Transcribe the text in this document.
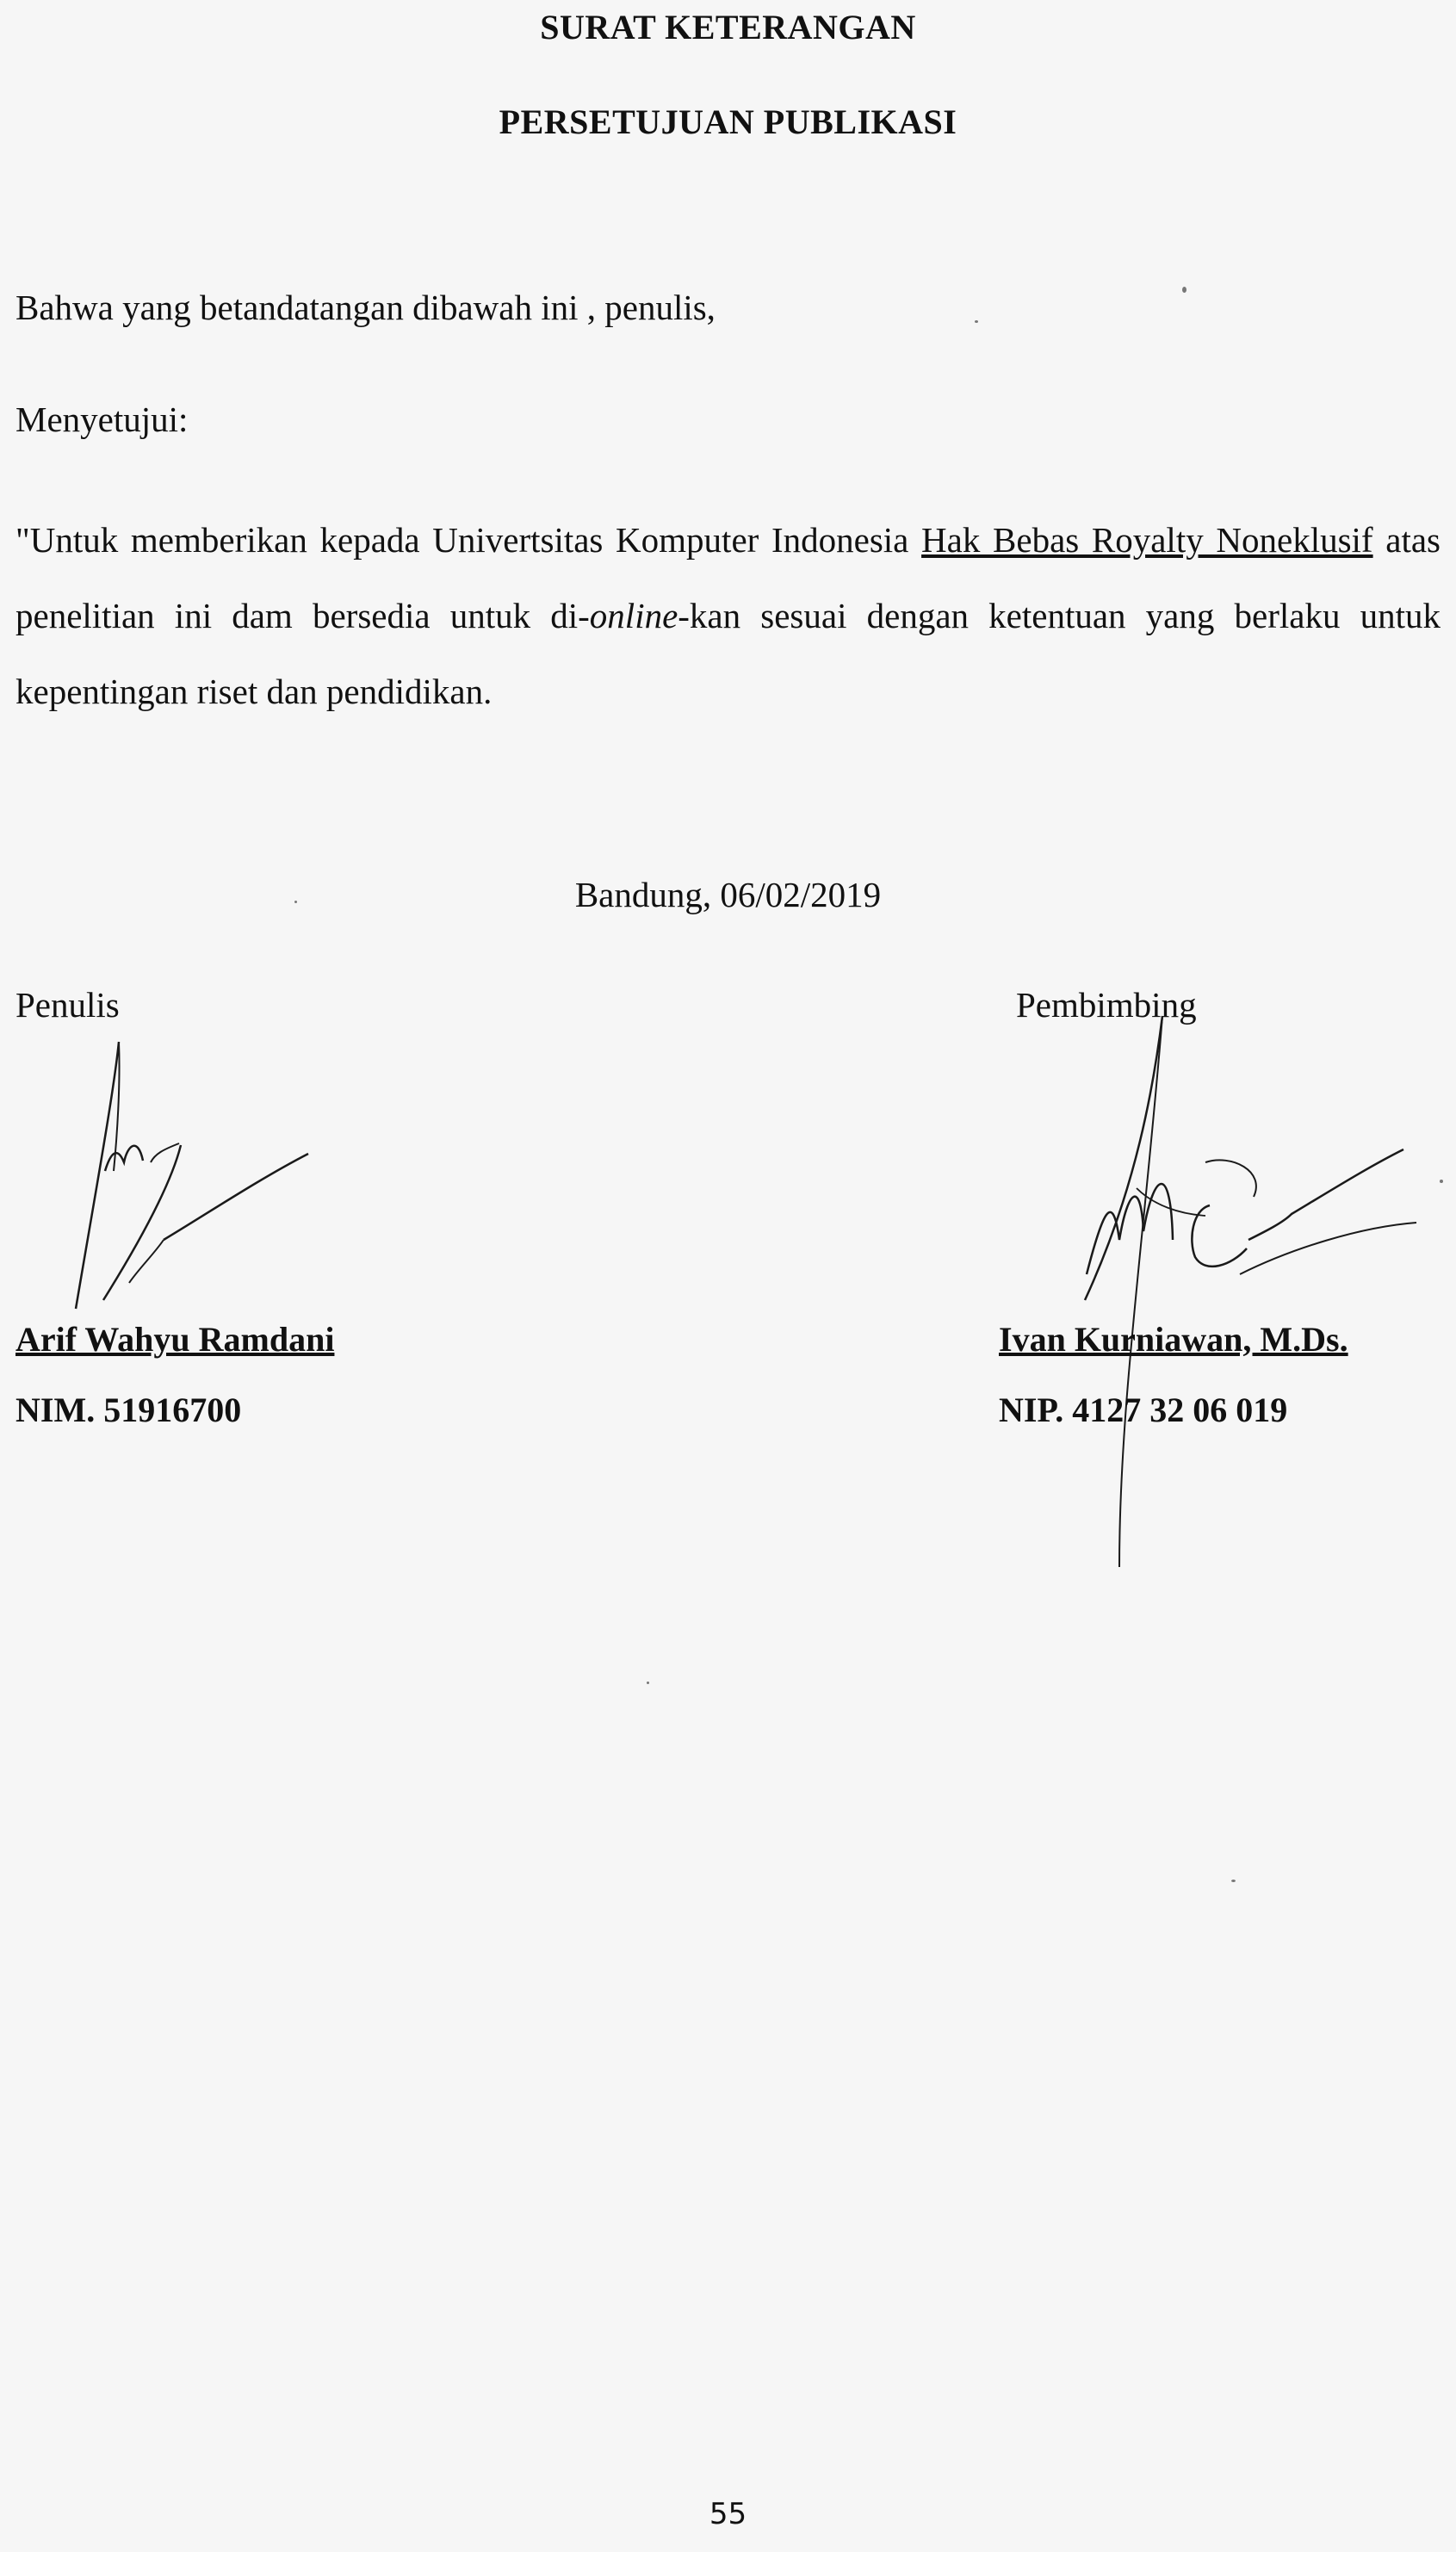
SURAT KETERANGAN
PERSETUJUAN PUBLIKASI

Bahwa yang betandatangan dibawah ini , penulis,

Menyetujui:

"Untuk memberikan kepada Univertsitas Komputer Indonesia Hak Bebas Royalty Noneklusif atas penelitian ini dam bersedia untuk di-online-kan sesuai dengan ketentuan yang berlaku untuk kepentingan riset dan pendidikan.

Bandung, 06/02/2019

Penulis	Pembimbing

Arif Wahyu Ramdani	Ivan Kurniawan, M.Ds.

NIM. 51916700	NIP. 4127 32 06 019

55
